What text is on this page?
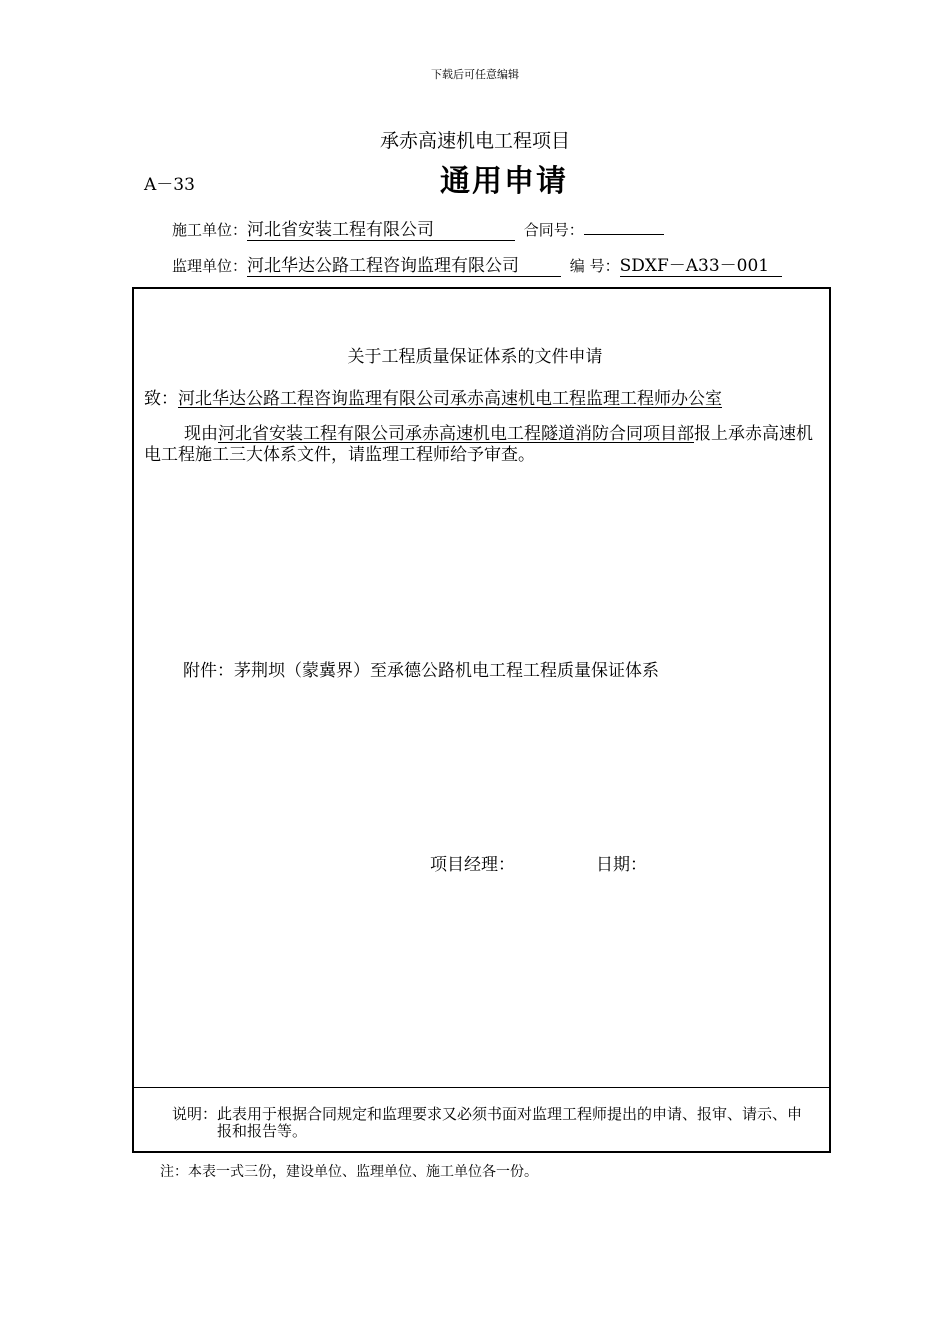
下载后可任意编辑
承赤高速机电工程项目
A－33	通用申请
施工单位：河北省安装工程有限公司	合同号：
监理单位：河北华达公路工程咨询监理有限公司	编 号：SDXF－A33－001
关于工程质量保证体系的文件申请
致：河北华达公路工程咨询监理有限公司承赤高速机电工程监理工程师办公室
现由河北省安装工程有限公司承赤高速机电工程隧道消防合同项目部报上承赤高速机电工程施工三大体系文件，请监理工程师给予审查。
附件：茅荆坝（蒙冀界）至承德公路机电工程工程质量保证体系
项目经理：	日期：
说明： 此表用于根据合同规定和监理要求又必须书面对监理工程师提出的申请、报审、请示、申报和报告等。
注：本表一式三份，建设单位、监理单位、施工单位各一份。
